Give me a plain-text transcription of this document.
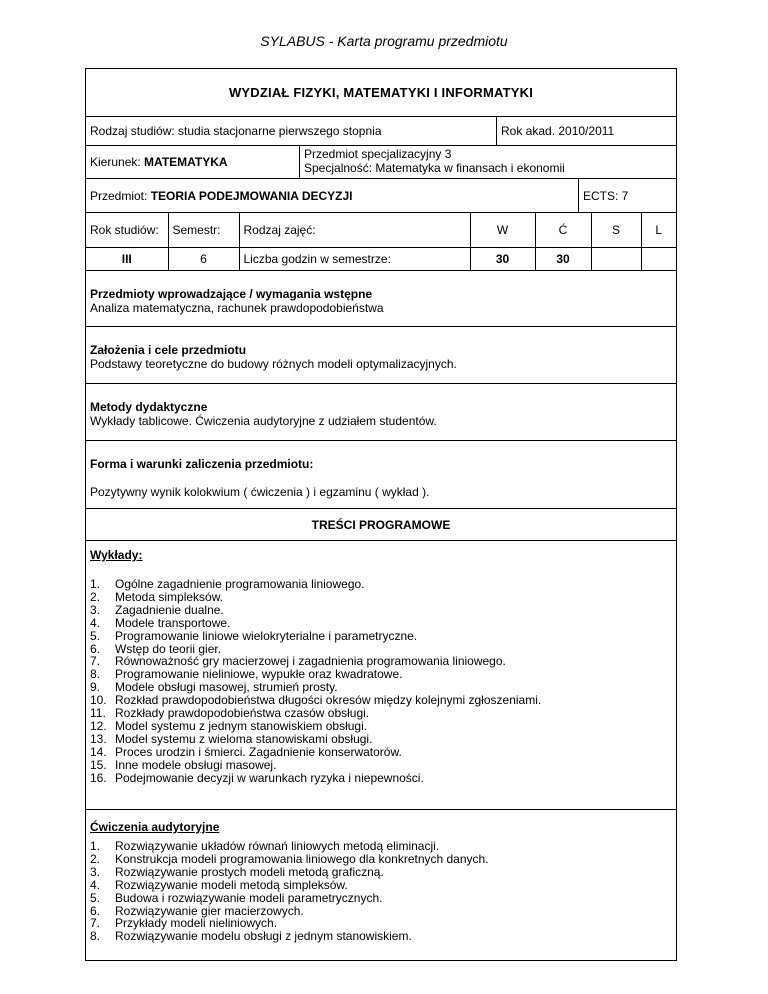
SYLABUS - Karta programu przedmiotu
WYDZIAŁ FIZYKI, MATEMATYKI I INFORMATYKI
Rodzaj studiów: studia stacjonarne pierwszego stopnia	Rok akad. 2010/2011
Kierunek:
MATEMATYKA
Przedmiot specjalizacyjny 3
Specjalność: Matematyka w finansach i ekonomii
Przedmiot:
TEORIA PODEJMOWANIA DECYZJI	ECTS: 7
Rok studiów:	Semestr:	Rodzaj zajęć:	W	Ć	S	L
III	6	Liczba godzin w semestrze:	30	30		
Przedmioty wprowadzające / wymagania wstępne
Analiza matematyczna, rachunek prawdopodobieństwa
Założenia i cele przedmiotu
Podstawy teoretyczne do budowy różnych modeli optymalizacyjnych.
Metody dydaktyczne
Wykłady tablicowe. Ćwiczenia audytoryjne z udziałem studentów.
Forma i warunki zaliczenia przedmiotu:
Pozytywny wynik kolokwium ( ćwiczenia ) i egzaminu ( wykład ).
TREŚCI PROGRAMOWE
Wykłady:
1.	Ogólne zagadnienie programowania liniowego.
2.	Metoda simpleksów.
3.	Zagadnienie dualne.
4.	Modele transportowe.
5.	Programowanie liniowe wielokryterialne i parametryczne.
6.	Wstęp do teorii gier.
7.	Równoważność gry macierzowej i zagadnienia programowania liniowego.
8.	Programowanie nieliniowe, wypukłe oraz kwadratowe.
9.	Modele obsługi masowej, strumień prosty.
10. Rozkład prawdopodobieństwa długości okresów między kolejnymi zgłoszeniami.
11. Rozkłady prawdopodobieństwa czasów obsługi.
12. Model systemu z jednym stanowiskiem obsługi.
13. Model systemu z wieloma stanowiskami obsługi.
14. Proces urodzin i śmierci. Zagadnienie konserwatorów.
15. Inne modele obsługi masowej.
16. Podejmowanie decyzji w warunkach ryzyka i niepewności.
Ćwiczenia audytoryjne
1.	Rozwiązywanie układów równań liniowych metodą eliminacji.
2.	Konstrukcja modeli programowania liniowego dla konkretnych danych.
3.	Rozwiązywanie prostych modeli metodą graficzną.
4.	Rozwiązywanie modeli metodą simpleksów.
5.	Budowa i rozwiązywanie modeli parametrycznych.
6.	Rozwiązywanie gier macierzowych.
7.	Przykłady modeli nieliniowych.
8.	Rozwiązywanie modelu obsługi z jednym stanowiskiem.
